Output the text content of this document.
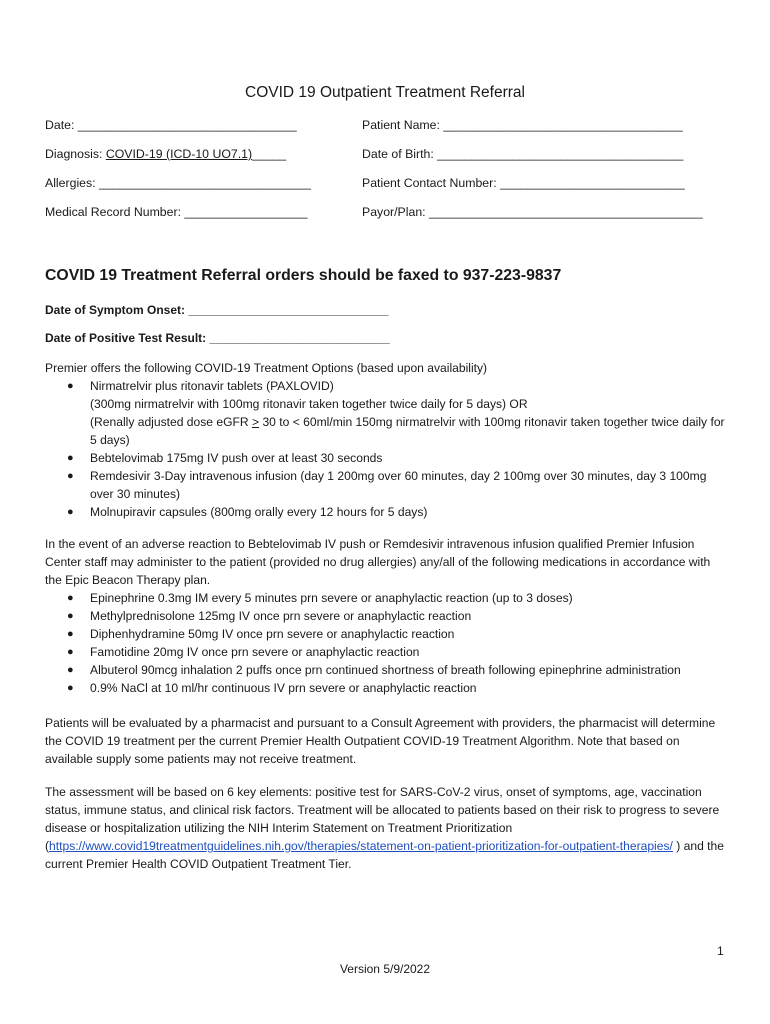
COVID 19 Outpatient Treatment Referral
Date: ________________________________	Patient Name: ___________________________________
Diagnosis: COVID-19 (ICD-10 UO7.1)_____	Date of Birth: ____________________________________
Allergies: _______________________________	Patient Contact Number: ___________________________
Medical Record Number: __________________	Payor/Plan: ________________________________________
COVID 19 Treatment Referral orders should be faxed to 937-223-9837
Date of Symptom Onset: ______________________________
Date of Positive Test Result: ___________________________

Premier offers the following COVID-19 Treatment Options (based upon availability)

● Nirmatrelvir plus ritonavir tablets (PAXLOVID)
(300mg nirmatrelvir with 100mg ritonavir taken together twice daily for 5 days) OR
(Renally adjusted dose eGFR ≥ 30 to < 60ml/min 150mg nirmatrelvir with 100mg ritonavir taken together twice daily for 5 days)
● Bebtelovimab 175mg IV push over at least 30 seconds
● Remdesivir 3-Day intravenous infusion (day 1 200mg over 60 minutes, day 2 100mg over 30 minutes, day 3 100mg over 30 minutes)
● Molnupiravir capsules (800mg orally every 12 hours for 5 days)

In the event of an adverse reaction to Bebtelovimab IV push or Remdesivir intravenous infusion qualified Premier Infusion Center staff may administer to the patient (provided no drug allergies) any/all of the following medications in accordance with the Epic Beacon Therapy plan.

● Epinephrine 0.3mg IM every 5 minutes prn severe or anaphylactic reaction (up to 3 doses)
● Methylprednisolone 125mg IV once prn severe or anaphylactic reaction
● Diphenhydramine 50mg IV once prn severe or anaphylactic reaction
● Famotidine 20mg IV once prn severe or anaphylactic reaction
● Albuterol 90mcg inhalation 2 puffs once prn continued shortness of breath following epinephrine administration
● 0.9% NaCl at 10 ml/hr continuous IV prn severe or anaphylactic reaction

Patients will be evaluated by a pharmacist and pursuant to a Consult Agreement with providers, the pharmacist will determine the COVID 19 treatment per the current Premier Health Outpatient COVID-19 Treatment Algorithm. Note that based on available supply some patients may not receive treatment.

The assessment will be based on 6 key elements: positive test for SARS-CoV-2 virus, onset of symptoms, age, vaccination status, immune status, and clinical risk factors. Treatment will be allocated to patients based on their risk to progress to severe disease or hospitalization utilizing the NIH Interim Statement on Treatment Prioritization (https://www.covid19treatmentguidelines.nih.gov/therapies/statement-on-patient-prioritization-for-outpatient-therapies/ ) and the current Premier Health COVID Outpatient Treatment Tier.

1
Version 5/9/2022
